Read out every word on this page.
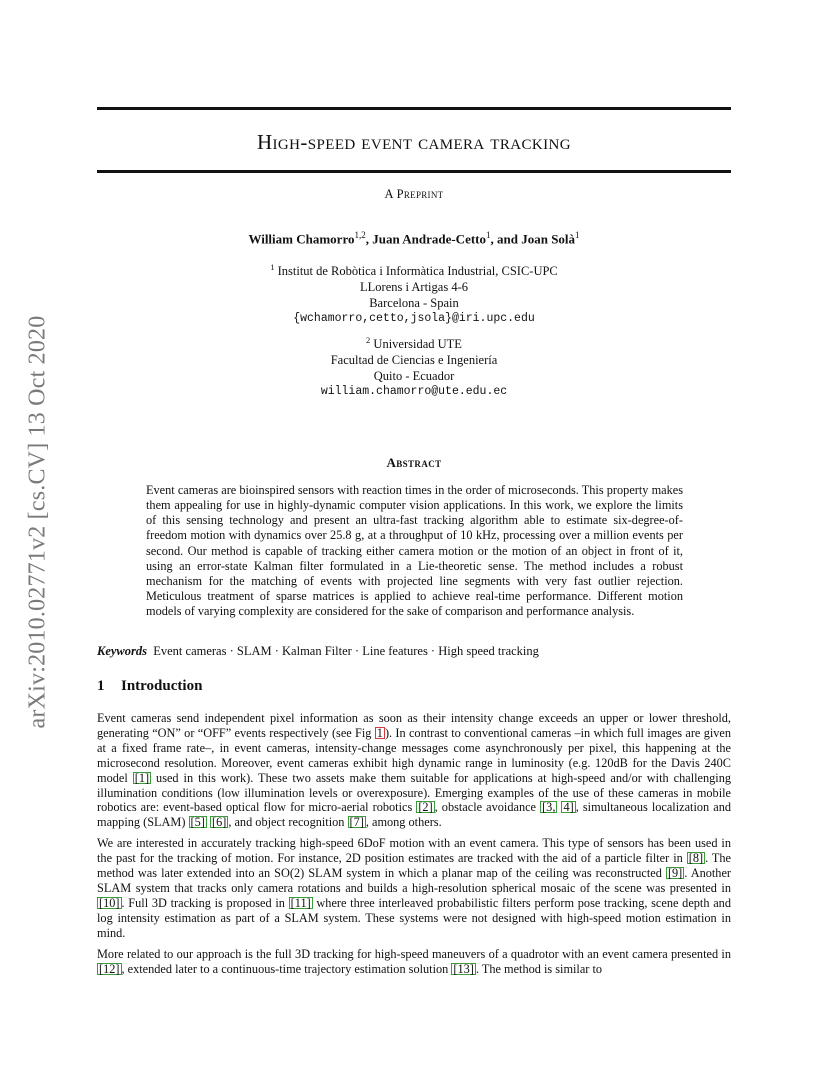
arXiv:2010.02771v2 [cs.CV] 13 Oct 2020
High-speed event camera tracking
A Preprint
William Chamorro$^{1,2}$, Juan Andrade-Cetto$^1$, and Joan Solà$^1$
$^1$ Institut de Robòtica i Informàtica Industrial, CSIC-UPC
LLorens i Artigas 4-6
Barcelona - Spain
{wchamorro,cetto,jsola}@iri.upc.edu
$^2$ Universidad UTE
Facultad de Ciencias e Ingeniería
Quito - Ecuador
william.chamorro@ute.edu.ec
Abstract
Event cameras are bioinspired sensors with reaction times in the order of microseconds. This property makes them appealing for use in highly-dynamic computer vision applications. In this work, we explore the limits of this sensing technology and present an ultra-fast tracking algorithm able to estimate six-degree-of-freedom motion with dynamics over 25.8 g, at a throughput of 10 kHz, processing over a million events per second. Our method is capable of tracking either camera motion or the motion of an object in front of it, using an error-state Kalman filter formulated in a Lie-theoretic sense. The method includes a robust mechanism for the matching of events with projected line segments with very fast outlier rejection. Meticulous treatment of sparse matrices is applied to achieve real-time performance. Different motion models of varying complexity are considered for the sake of comparison and performance analysis.
Keywords Event cameras · SLAM · Kalman Filter · Line features · High speed tracking
1 Introduction

Event cameras send independent pixel information as soon as their intensity change exceeds an upper or lower threshold, generating “ON” or “OFF” events respectively (see Fig 1 ). In contrast to conventional cameras –in which full images are given at a fixed frame rate–, in event cameras, intensity-change messages come asynchronously per pixel, this happening at the microsecond resolution. Moreover, event cameras exhibit high dynamic range in luminosity (e.g. 120dB for the Davis 240C model [1] used in this work). These two assets make them suitable for applications at high-speed and/or with challenging illumination conditions (low illumination levels or overexposure). Emerging examples of the use of these cameras in mobile robotics are: event-based optical flow for micro-aerial robotics [2] , obstacle avoidance [3, 4] , simultaneous localization and mapping (SLAM) [5] [6] , and object recognition [7] , among others.

We are interested in accurately tracking high-speed 6DoF motion with an event camera. This type of sensors has been used in the past for the tracking of motion. For instance, 2D position estimates are tracked with the aid of a particle filter in [8] . The method was later extended into an SO(2) SLAM system in which a planar map of the ceiling was reconstructed [9] . Another SLAM system that tracks only camera rotations and builds a high-resolution spherical mosaic of the scene was presented in [10] . Full 3D tracking is proposed in [11] where three interleaved probabilistic filters perform pose tracking, scene depth and log intensity estimation as part of a SLAM system. These systems were not designed with high-speed motion estimation in mind.

More related to our approach is the full 3D tracking for high-speed maneuvers of a quadrotor with an event camera presented in [12] , extended later to a continuous-time trajectory estimation solution [13] . The method is similar to
